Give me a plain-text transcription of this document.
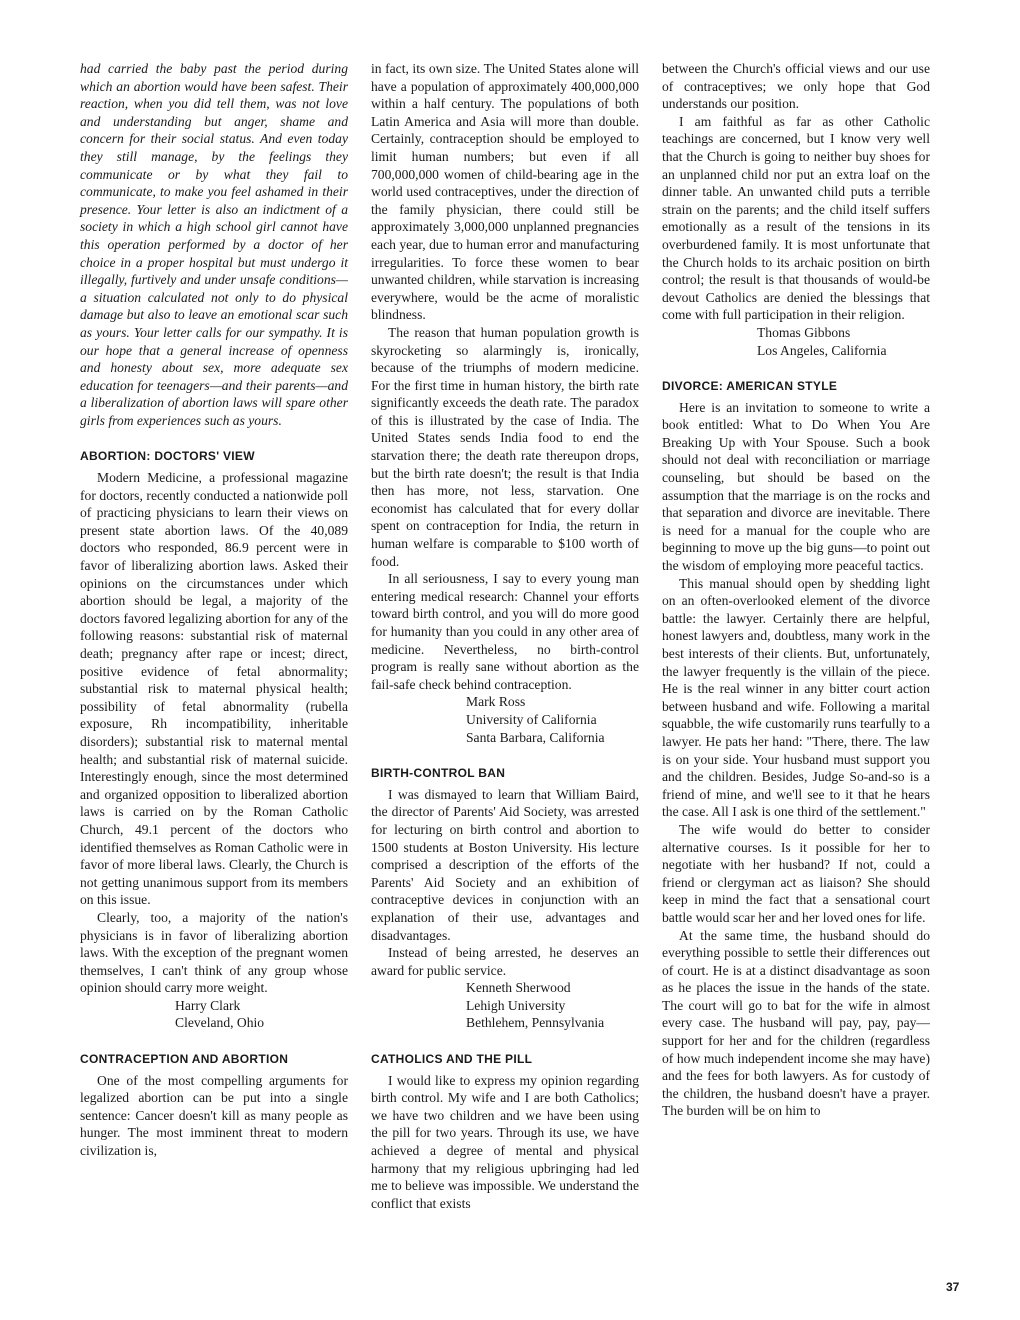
had carried the baby past the period during which an abortion would have been safest. Their reaction, when you did tell them, was not love and understanding but anger, shame and concern for their social status. And even today they still manage, by the feelings they communicate or by what they fail to communicate, to make you feel ashamed in their presence. Your letter is also an indictment of a society in which a high school girl cannot have this operation performed by a doctor of her choice in a proper hospital but must undergo it illegally, furtively and under unsafe conditions—a situation calculated not only to do physical damage but also to leave an emotional scar such as yours. Your letter calls for our sympathy. It is our hope that a general increase of openness and honesty about sex, more adequate sex education for teenagers—and their parents—and a liberalization of abortion laws will spare other girls from experiences such as yours.

ABORTION: DOCTORS' VIEW

Modern Medicine, a professional magazine for doctors, recently conducted a nationwide poll of practicing physicians to learn their views on present state abortion laws. Of the 40,089 doctors who responded, 86.9 percent were in favor of liberalizing abortion laws. Asked their opinions on the circumstances under which abortion should be legal, a majority of the doctors favored legalizing abortion for any of the following reasons: substantial risk of maternal death; pregnancy after rape or incest; direct, positive evidence of fetal abnormality; substantial risk to maternal physical health; possibility of fetal abnormality (rubella exposure, Rh incompatibility, inheritable disorders); substantial risk to maternal mental health; and substantial risk of maternal suicide. Interestingly enough, since the most determined and organized opposition to liberalized abortion laws is carried on by the Roman Catholic Church, 49.1 percent of the doctors who identified themselves as Roman Catholic were in favor of more liberal laws. Clearly, the Church is not getting unanimous support from its members on this issue.

Clearly, too, a majority of the nation's physicians is in favor of liberalizing abortion laws. With the exception of the pregnant women themselves, I can't think of any group whose opinion should carry more weight.

Harry Clark
Cleveland, Ohio
CONTRACEPTION AND ABORTION

One of the most compelling arguments for legalized abortion can be put into a single sentence: Cancer doesn't kill as many people as hunger. The most imminent threat to modern civilization is,

in fact, its own size. The United States alone will have a population of approximately 400,000,000 within a half century. The populations of both Latin America and Asia will more than double. Certainly, contraception should be employed to limit human numbers; but even if all 700,000,000 women of child-bearing age in the world used contraceptives, under the direction of the family physician, there could still be approximately 3,000,000 unplanned pregnancies each year, due to human error and manufacturing irregularities. To force these women to bear unwanted children, while starvation is increasing everywhere, would be the acme of moralistic blindness.

The reason that human population growth is skyrocketing so alarmingly is, ironically, because of the triumphs of modern medicine. For the first time in human history, the birth rate significantly exceeds the death rate. The paradox of this is illustrated by the case of India. The United States sends India food to end the starvation there; the death rate thereupon drops, but the birth rate doesn't; the result is that India then has more, not less, starvation. One economist has calculated that for every dollar spent on contraception for India, the return in human welfare is comparable to $100 worth of food.

In all seriousness, I say to every young man entering medical research: Channel your efforts toward birth control, and you will do more good for humanity than you could in any other area of medicine. Nevertheless, no birth-control program is really sane without abortion as the fail-safe check behind contraception.

Mark Ross
University of California
Santa Barbara, California
BIRTH-CONTROL BAN

I was dismayed to learn that William Baird, the director of Parents' Aid Society, was arrested for lecturing on birth control and abortion to 1500 students at Boston University. His lecture comprised a description of the efforts of the Parents' Aid Society and an exhibition of contraceptive devices in conjunction with an explanation of their use, advantages and disadvantages.

Instead of being arrested, he deserves an award for public service.

Kenneth Sherwood
Lehigh University
Bethlehem, Pennsylvania
CATHOLICS AND THE PILL

I would like to express my opinion regarding birth control. My wife and I are both Catholics; we have two children and we have been using the pill for two years. Through its use, we have achieved a degree of mental and physical harmony that my religious upbringing had led me to believe was impossible. We understand the conflict that exists

between the Church's official views and our use of contraceptives; we only hope that God understands our position.

I am faithful as far as other Catholic teachings are concerned, but I know very well that the Church is going to neither buy shoes for an unplanned child nor put an extra loaf on the dinner table. An unwanted child puts a terrible strain on the parents; and the child itself suffers emotionally as a result of the tensions in its overburdened family. It is most unfortunate that the Church holds to its archaic position on birth control; the result is that thousands of would-be devout Catholics are denied the blessings that come with full participation in their religion.

Thomas Gibbons
Los Angeles, California
DIVORCE: AMERICAN STYLE

Here is an invitation to someone to write a book entitled: What to Do When You Are Breaking Up with Your Spouse. Such a book should not deal with reconciliation or marriage counseling, but should be based on the assumption that the marriage is on the rocks and that separation and divorce are inevitable. There is need for a manual for the couple who are beginning to move up the big guns—to point out the wisdom of employing more peaceful tactics.

This manual should open by shedding light on an often-overlooked element of the divorce battle: the lawyer. Certainly there are helpful, honest lawyers and, doubtless, many work in the best interests of their clients. But, unfortunately, the lawyer frequently is the villain of the piece. He is the real winner in any bitter court action between husband and wife. Following a marital squabble, the wife customarily runs tearfully to a lawyer. He pats her hand: "There, there. The law is on your side. Your husband must support you and the children. Besides, Judge So-and-so is a friend of mine, and we'll see to it that he hears the case. All I ask is one third of the settlement."

The wife would do better to consider alternative courses. Is it possible for her to negotiate with her husband? If not, could a friend or clergyman act as liaison? She should keep in mind the fact that a sensational court battle would scar her and her loved ones for life.

At the same time, the husband should do everything possible to settle their differences out of court. He is at a distinct disadvantage as soon as he places the issue in the hands of the state. The court will go to bat for the wife in almost every case. The husband will pay, pay, pay—support for her and for the children (regardless of how much independent income she may have) and the fees for both lawyers. As for custody of the children, the husband doesn't have a prayer. The burden will be on him to

37
